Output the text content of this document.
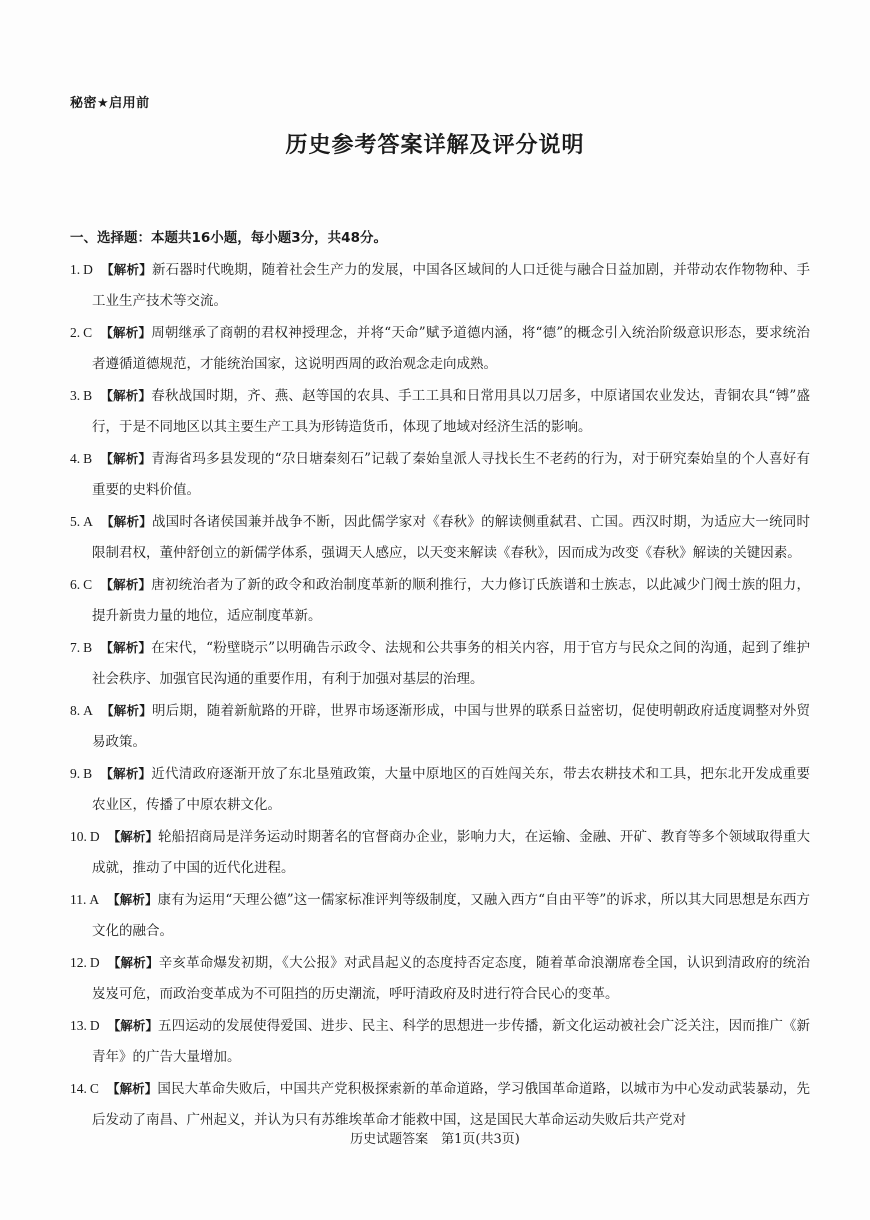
秘密★启用前
历史参考答案详解及评分说明
一、选择题：本题共16小题，每小题3分，共48分。

1. D 【解析】新石器时代晚期，随着社会生产力的发展，中国各区域间的人口迁徙与融合日益加剧，并带动农作物物种、手工业生产技术等交流。

2. C 【解析】周朝继承了商朝的君权神授理念，并将“天命”赋予道德内涵，将“德”的概念引入统治阶级意识形态，要求统治者遵循道德规范，才能统治国家，这说明西周的政治观念走向成熟。

3. B 【解析】春秋战国时期，齐、燕、赵等国的农具、手工工具和日常用具以刀居多，中原诸国农业发达，青铜农具“镈”盛行，于是不同地区以其主要生产工具为形铸造货币，体现了地域对经济生活的影响。

4. B 【解析】青海省玛多县发现的“尕日塘秦刻石”记载了秦始皇派人寻找长生不老药的行为，对于研究秦始皇的个人喜好有重要的史料价值。

5. A 【解析】战国时各诸侯国兼并战争不断，因此儒学家对《春秋》的解读侧重弑君、亡国。西汉时期，为适应大一统同时限制君权，董仲舒创立的新儒学体系，强调天人感应，以天变来解读《春秋》，因而成为改变《春秋》解读的关键因素。

6. C 【解析】唐初统治者为了新的政令和政治制度革新的顺利推行，大力修订氏族谱和士族志，以此减少门阀士族的阻力，提升新贵力量的地位，适应制度革新。

7. B 【解析】在宋代，“粉壁晓示”以明确告示政令、法规和公共事务的相关内容，用于官方与民众之间的沟通，起到了维护社会秩序、加强官民沟通的重要作用，有利于加强对基层的治理。

8. A 【解析】明后期，随着新航路的开辟，世界市场逐渐形成，中国与世界的联系日益密切，促使明朝政府适度调整对外贸易政策。

9. B 【解析】近代清政府逐渐开放了东北垦殖政策，大量中原地区的百姓闯关东，带去农耕技术和工具，把东北开发成重要农业区，传播了中原农耕文化。

10. D 【解析】轮船招商局是洋务运动时期著名的官督商办企业，影响力大，在运输、金融、开矿、教育等多个领域取得重大成就，推动了中国的近代化进程。

11. A 【解析】康有为运用“天理公德”这一儒家标准评判等级制度，又融入西方“自由平等”的诉求，所以其大同思想是东西方文化的融合。

12. D 【解析】辛亥革命爆发初期，《大公报》对武昌起义的态度持否定态度，随着革命浪潮席卷全国，认识到清政府的统治岌岌可危，而政治变革成为不可阻挡的历史潮流，呼吁清政府及时进行符合民心的变革。

13. D 【解析】五四运动的发展使得爱国、进步、民主、科学的思想进一步传播，新文化运动被社会广泛关注，因而推广《新青年》的广告大量增加。

14. C 【解析】国民大革命失败后，中国共产党积极探索新的革命道路，学习俄国革命道路，以城市为中心发动武装暴动，先后发动了南昌、广州起义，并认为只有苏维埃革命才能救中国，这是国民大革命运动失败后共产党对

历史试题答案　第1页(共3页)
